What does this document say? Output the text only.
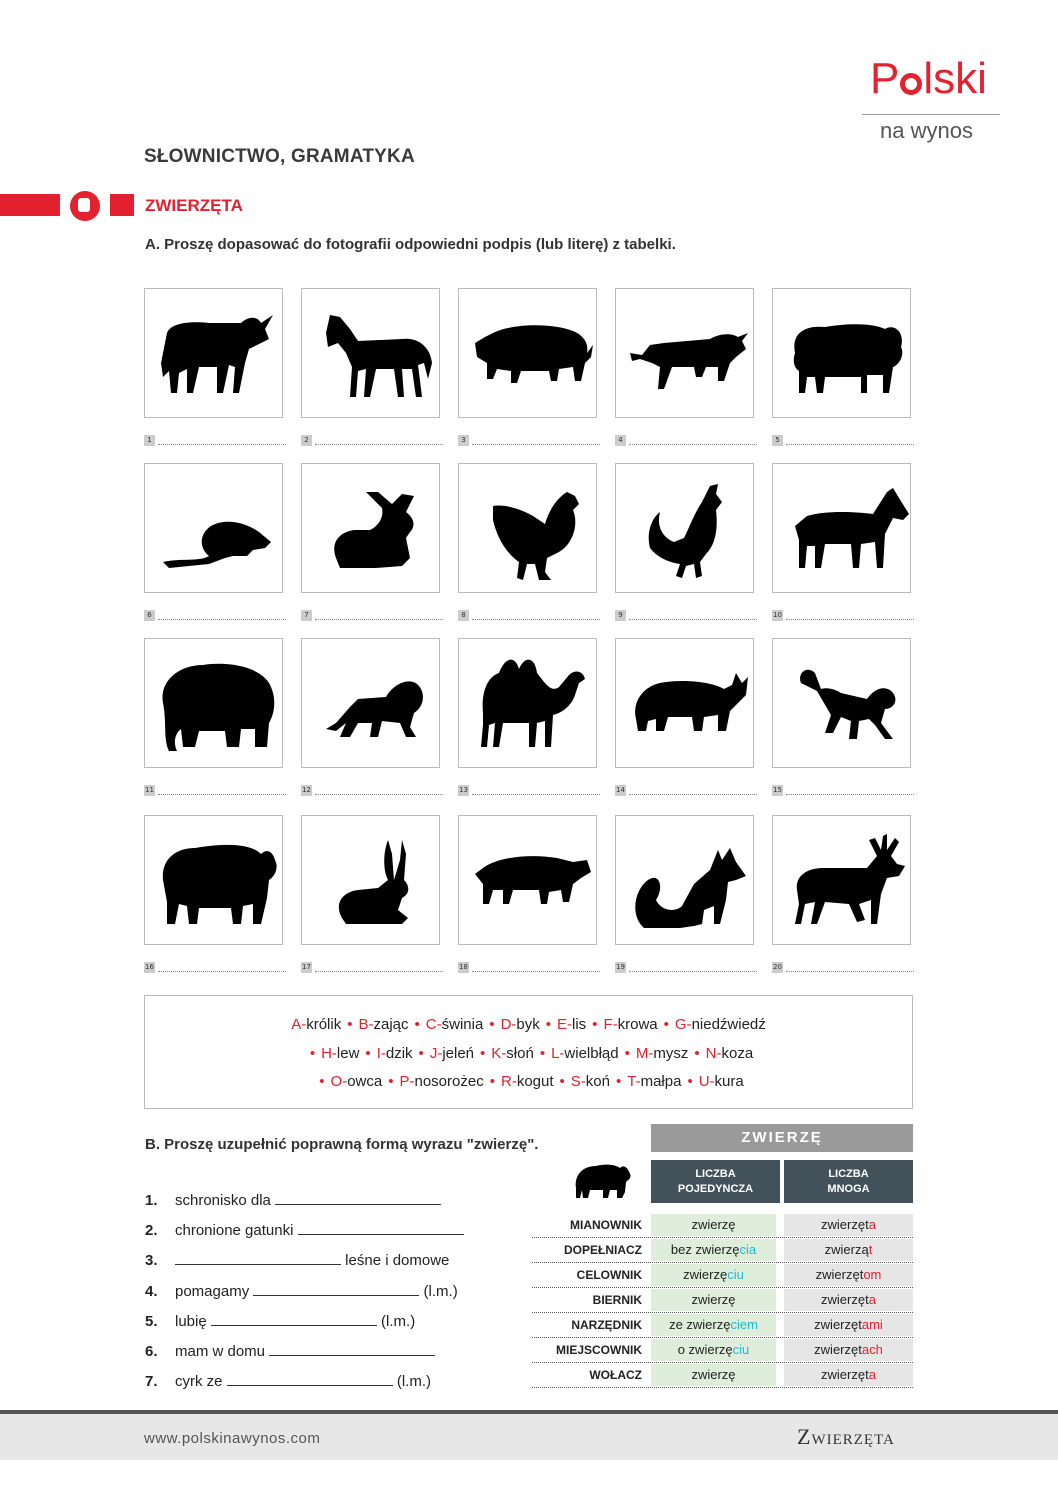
P lski
na wynos
SŁOWNICTWO, GRAMATYKA
ZWIERZĘTA
A. Proszę dopasować do fotografii odpowiedni podpis (lub literę) z tabelki.
1	2	3	4	5
6	7	8	9	10
11	12	13	14	15
16	17	18	19	20
A-królik • B-zając • C-świnia • D-byk • E-lis • F-krowa • G-niedźwiedź
• H-lew • I-dzik • J-jeleń • K-słoń • L-wielbłąd • M-mysz • N-koza
• O-owca • P-nosorożec • R-kogut • S-koń • T-małpa • U-kura
B. Proszę uzupełnić poprawną formą wyrazu "zwierzę".
1. schronisko dla
2. chronione gatunki
3.	leśne i domowe
4. pomagamy	(l.m.)
5. lubię	(l.m.)
6. mam w domu
7. cyrk ze	(l.m.)
ZWIERZĘ
LICZBA
POJEDYNCZA
LICZBA
MNOGA
MIANOWNIK	zwierzę	zwierzęta
DOPEŁNIACZ	bez zwierzęcia	zwierząt
CELOWNIK	zwierzęciu	zwierzętom
BIERNIK	zwierzę	zwierzęta
NARZĘDNIK	ze zwierzęciem	zwierzętami
MIEJSCOWNIK	o zwierzęciu	zwierzętach
WOŁACZ	zwierzę	zwierzęta
www.polskinawynos.com	Zwierzęta
